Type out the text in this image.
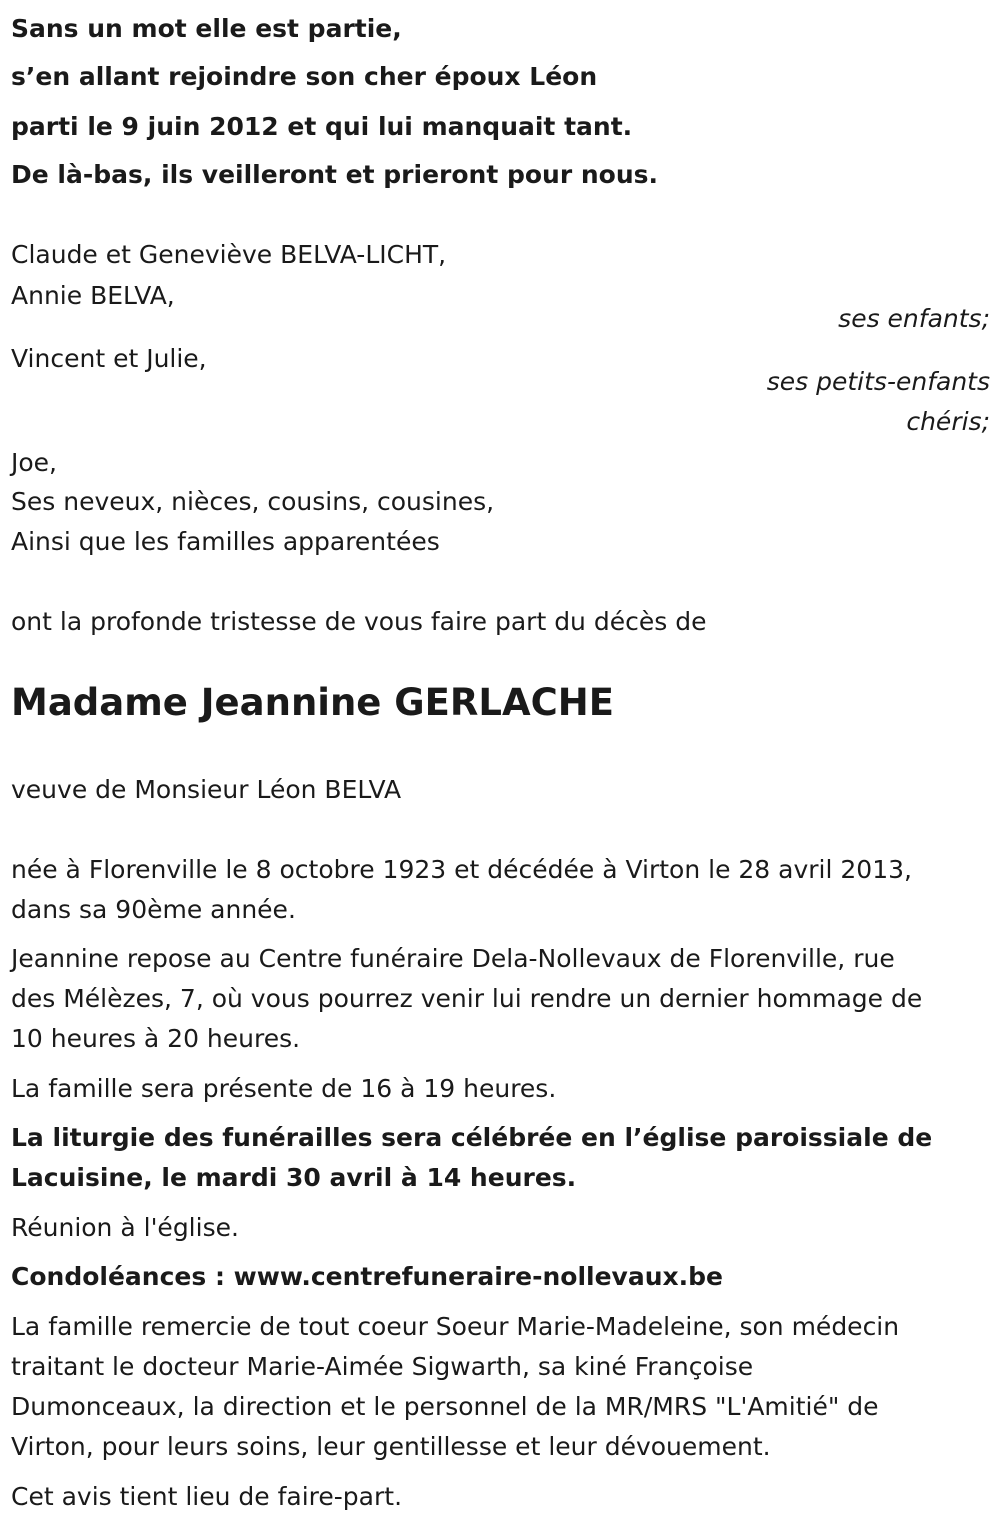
Sans un mot elle est partie,
s’en allant rejoindre son cher époux Léon
parti le 9 juin 2012 et qui lui manquait tant.
De là-bas, ils veilleront et prieront pour nous.
Claude et Geneviève BELVA-LICHT,
Annie BELVA,
ses enfants;
Vincent et Julie,
ses petits-enfants
chéris;
Joe,
Ses neveux, nièces, cousins, cousines,
Ainsi que les familles apparentées
ont la profonde tristesse de vous faire part du décès de
Madame Jeannine GERLACHE
veuve de Monsieur Léon BELVA
née à Florenville le 8 octobre 1923 et décédée à Virton le 28 avril 2013,
dans sa 90ème année.
Jeannine repose au Centre funéraire Dela-Nollevaux de Florenville, rue
des Mélèzes, 7, où vous pourrez venir lui rendre un dernier hommage de
10 heures à 20 heures.
La famille sera présente de 16 à 19 heures.
La liturgie des funérailles sera célébrée en l’église paroissiale de
Lacuisine, le mardi 30 avril à 14 heures.
Réunion à l'église.
Condoléances : www.centrefuneraire-nollevaux.be
La famille remercie de tout coeur Soeur Marie-Madeleine, son médecin
traitant le docteur Marie-Aimée Sigwarth, sa kiné Françoise
Dumonceaux, la direction et le personnel de la MR/MRS "L'Amitié" de
Virton, pour leurs soins, leur gentillesse et leur dévouement.
Cet avis tient lieu de faire-part.
